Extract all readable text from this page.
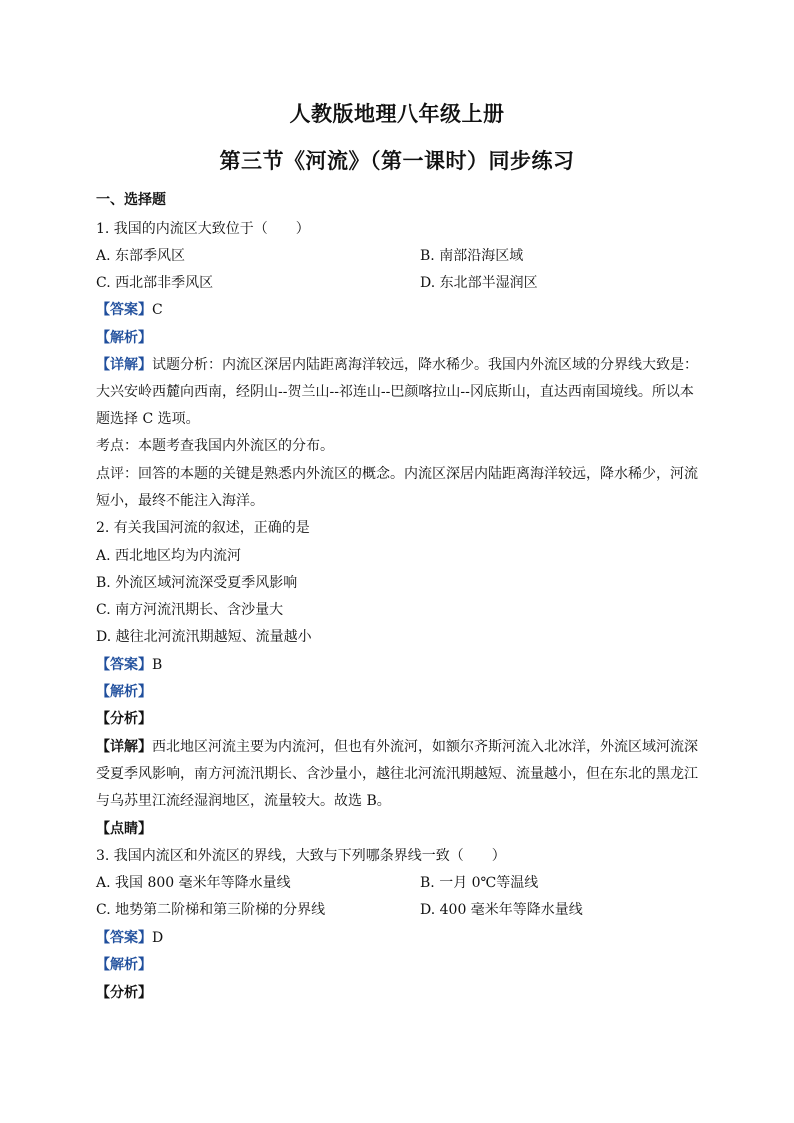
人教版地理八年级上册
第三节《河流》（第一课时）同步练习
一、选择题
1. 我国的内流区大致位于（　　）
A. 东部季风区	B. 南部沿海区域
C. 西北部非季风区	D. 东北部半湿润区
【答案】C
【解析】
【详解】试题分析：内流区深居内陆距离海洋较远，降水稀少。我国内外流区域的分界线大致是：
大兴安岭西麓向西南，经阴山--贺兰山--祁连山--巴颜喀拉山--冈底斯山，直达西南国境线。所以本
题选择 C 选项。
考点：本题考查我国内外流区的分布。
点评：回答的本题的关键是熟悉内外流区的概念。内流区深居内陆距离海洋较远，降水稀少，河流
短小，最终不能注入海洋。
2. 有关我国河流的叙述，正确的是
A. 西北地区均为内流河
B. 外流区域河流深受夏季风影响
C. 南方河流汛期长、含沙量大
D. 越往北河流汛期越短、流量越小
【答案】B
【解析】
【分析】
【详解】西北地区河流主要为内流河，但也有外流河，如额尔齐斯河流入北冰洋，外流区域河流深
受夏季风影响，南方河流汛期长、含沙量小，越往北河流汛期越短、流量越小，但在东北的黑龙江
与乌苏里江流经湿润地区，流量较大。故选 B。
【点睛】
3. 我国内流区和外流区的界线，大致与下列哪条界线一致（　　）
A. 我国 800 毫米年等降水量线	B. 一月 0℃等温线
C. 地势第二阶梯和第三阶梯的分界线	D. 400 毫米年等降水量线
【答案】D
【解析】
【分析】
